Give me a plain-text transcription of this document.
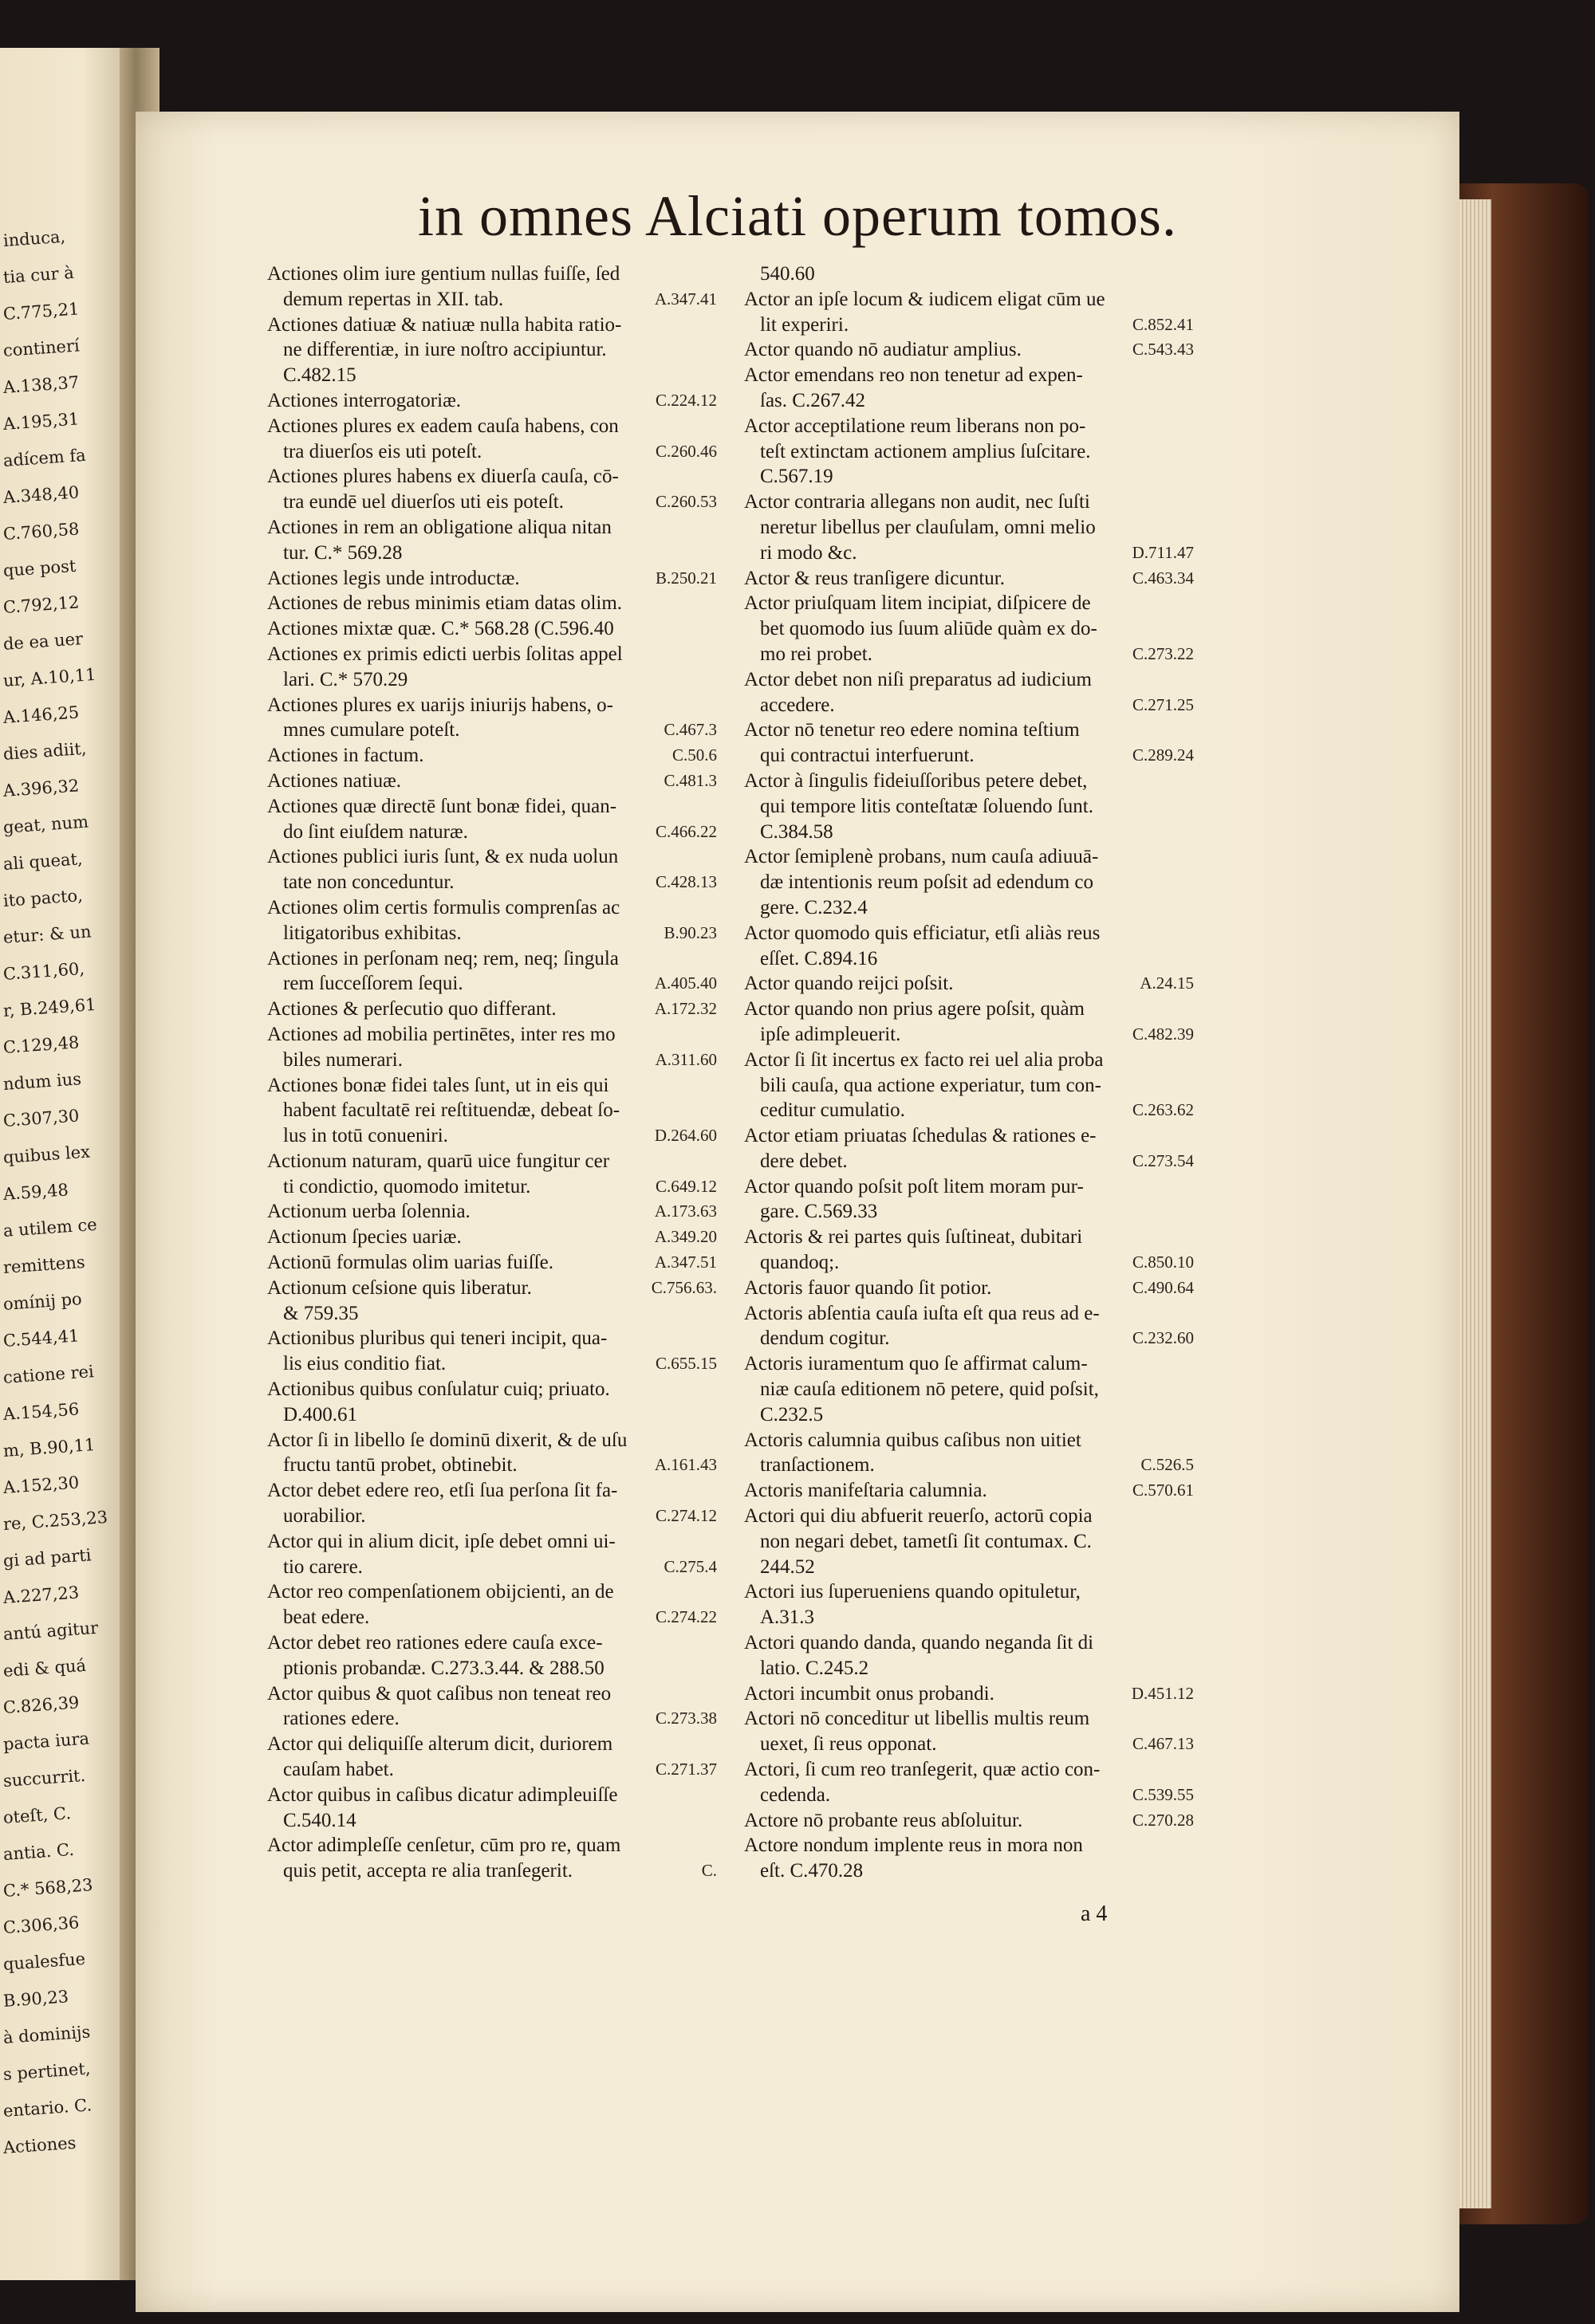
induca,
tia cur à
C.775,21
continerí
A.138,37
A.195,31
adícem fa
A.348,40
C.760,58
que post
C.792,12
de ea uer
ur, A.10,11
A.146,25
dies adiit,
A.396,32
geat, num
ali queat,
ito pacto,
etur: & un
C.311,60,
r, B.249,61
C.129,48
ndum ius
C.307,30
quibus lex
A.59,48
a utilem ce
remittens
omínij po
C.544,41
catione rei
A.154,56
m, B.90,11
A.152,30
re, C.253,23
gi ad parti
A.227,23
antú agitur
edi & quá
C.826,39
pacta iura
succurrit.
oteſt, C.
antia. C.
C.* 568,23
C.306,36
qualesfue
B.90,23
à dominijs
s pertinet,
entario. C.
Actiones
in omnes Alciati operum tomos.
Actiones olim iure gentium nullas fuiſſe, ſed
demum repertas in XII. tab.	A.347.41
Actiones datiuæ & natiuæ nulla habita ratio-
ne differentiæ, in iure noſtro accipiuntur.
C.482.15
Actiones interrogatoriæ.	C.224.12
Actiones plures ex eadem cauſa habens, con
tra diuerſos eis uti poteſt.	C.260.46
Actiones plures habens ex diuerſa cauſa, cō-
tra eundē uel diuerſos uti eis poteſt.	C.260.53
Actiones in rem an obligatione aliqua nitan
tur. C.* 569.28
Actiones legis unde introductæ.	B.250.21
Actiones de rebus minimis etiam datas olim.
Actiones mixtæ quæ. C.* 568.28 (C.596.40
Actiones ex primis edicti uerbis ſolitas appel
lari. C.* 570.29
Actiones plures ex uarijs iniurijs habens, o-
mnes cumulare poteſt.	C.467.3
Actiones in factum.	C.50.6
Actiones natiuæ.	C.481.3
Actiones quæ directē ſunt bonæ fidei, quan-
do ſint eiuſdem naturæ.	C.466.22
Actiones publici iuris ſunt, & ex nuda uolun
tate non conceduntur.	C.428.13
Actiones olim certis formulis comprenſas ac
litigatoribus exhibitas.	B.90.23
Actiones in perſonam neq; rem, neq; ſingula
rem ſucceſſorem ſequi.	A.405.40
Actiones & perſecutio quo differant.	A.172.32
Actiones ad mobilia pertinētes, inter res mo
biles numerari.	A.311.60
Actiones bonæ fidei tales ſunt, ut in eis qui
habent facultatē rei reſtituendæ, debeat ſo-
lus in totū conueniri.	D.264.60
Actionum naturam, quarū uice fungitur cer
ti condictio, quomodo imitetur.	C.649.12
Actionum uerba ſolennia.	A.173.63
Actionum ſpecies uariæ.	A.349.20
Actionū formulas olim uarias fuiſſe.	A.347.51
Actionum ceſsione quis liberatur.	C.756.63.
& 759.35
Actionibus pluribus qui teneri incipit, qua-
lis eius conditio fiat.	C.655.15
Actionibus quibus conſulatur cuiq; priuato.
D.400.61
Actor ſi in libello ſe dominū dixerit, & de uſu
fructu tantū probet, obtinebit.	A.161.43
Actor debet edere reo, etſi ſua perſona ſit fa-
uorabilior.	C.274.12
Actor qui in alium dicit, ipſe debet omni ui-
tio carere.	C.275.4
Actor reo compenſationem obijcienti, an de
beat edere.	C.274.22
Actor debet reo rationes edere cauſa exce-
ptionis probandæ. C.273.3.44. & 288.50
Actor quibus & quot caſibus non teneat reo
rationes edere.	C.273.38
Actor qui deliquiſſe alterum dicit, duriorem
cauſam habet.	C.271.37
Actor quibus in caſibus dicatur adimpleuiſſe
C.540.14
Actor adimpleſſe cenſetur, cūm pro re, quam
quis petit, accepta re alia tranſegerit.	C.
540.60
Actor an ipſe locum & iudicem eligat cūm ue
lit experiri.	C.852.41
Actor quando nō audiatur amplius.	C.543.43
Actor emendans reo non tenetur ad expen-
ſas. C.267.42
Actor acceptilatione reum liberans non po-
teſt extinctam actionem amplius ſuſcitare.
C.567.19
Actor contraria allegans non audit, nec ſuſti
neretur libellus per clauſulam, omni melio
ri modo &c.	D.711.47
Actor & reus tranſigere dicuntur.	C.463.34
Actor priuſquam litem incipiat, diſpicere de
bet quomodo ius ſuum aliūde quàm ex do-
mo rei probet.	C.273.22
Actor debet non niſi preparatus ad iudicium
accedere.	C.271.25
Actor nō tenetur reo edere nomina teſtium
qui contractui interfuerunt.	C.289.24
Actor à ſingulis fideiuſſoribus petere debet,
qui tempore litis conteſtatæ ſoluendo ſunt.
C.384.58
Actor ſemiplenè probans, num cauſa adiuuā-
dæ intentionis reum poſsit ad edendum co
gere. C.232.4
Actor quomodo quis efficiatur, etſi aliàs reus
eſſet. C.894.16
Actor quando reijci poſsit.	A.24.15
Actor quando non prius agere poſsit, quàm
ipſe adimpleuerit.	C.482.39
Actor ſi ſit incertus ex facto rei uel alia proba
bili cauſa, qua actione experiatur, tum con-
ceditur cumulatio.	C.263.62
Actor etiam priuatas ſchedulas & rationes e-
dere debet.	C.273.54
Actor quando poſsit poſt litem moram pur-
gare. C.569.33
Actoris & rei partes quis ſuſtineat, dubitari
quandoq;.	C.850.10
Actoris fauor quando ſit potior.	C.490.64
Actoris abſentia cauſa iuſta eſt qua reus ad e-
dendum cogitur.	C.232.60
Actoris iuramentum quo ſe affirmat calum-
niæ cauſa editionem nō petere, quid poſsit,
C.232.5
Actoris calumnia quibus caſibus non uitiet
tranſactionem.	C.526.5
Actoris manifeſtaria calumnia.	C.570.61
Actori qui diu abfuerit reuerſo, actorū copia
non negari debet, tametſi ſit contumax. C.
244.52
Actori ius ſuperueniens quando opituletur,
A.31.3
Actori quando danda, quando neganda ſit di
latio. C.245.2
Actori incumbit onus probandi.	D.451.12
Actori nō conceditur ut libellis multis reum
uexet, ſi reus opponat.	C.467.13
Actori, ſi cum reo tranſegerit, quæ actio con-
cedenda.	C.539.55
Actore nō probante reus abſoluitur.	C.270.28
Actore nondum implente reus in mora non
eſt. C.470.28
a 4
